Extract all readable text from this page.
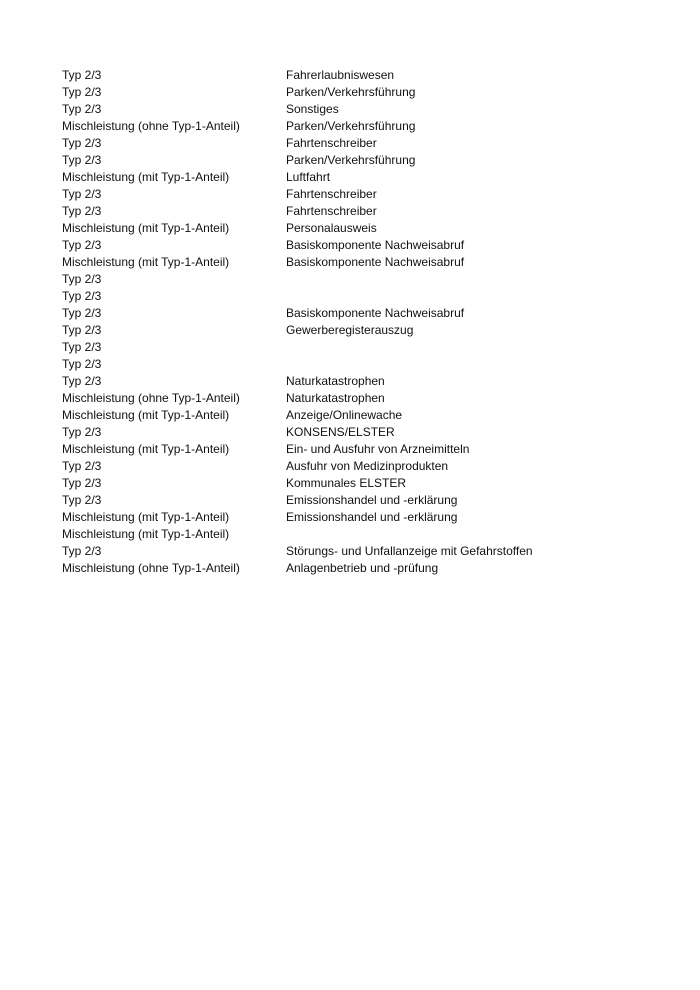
Typ 2/3	Fahrerlaubniswesen
Typ 2/3	Parken/Verkehrsführung
Typ 2/3	Sonstiges
Mischleistung (ohne Typ-1-Anteil)	Parken/Verkehrsführung
Typ 2/3	Fahrtenschreiber
Typ 2/3	Parken/Verkehrsführung
Mischleistung (mit Typ-1-Anteil)	Luftfahrt
Typ 2/3	Fahrtenschreiber
Typ 2/3	Fahrtenschreiber
Mischleistung (mit Typ-1-Anteil)	Personalausweis
Typ 2/3	Basiskomponente Nachweisabruf
Mischleistung (mit Typ-1-Anteil)	Basiskomponente Nachweisabruf
Typ 2/3
Typ 2/3
Typ 2/3	Basiskomponente Nachweisabruf
Typ 2/3	Gewerberegisterauszug
Typ 2/3
Typ 2/3
Typ 2/3	Naturkatastrophen
Mischleistung (ohne Typ-1-Anteil)	Naturkatastrophen
Mischleistung (mit Typ-1-Anteil)	Anzeige/Onlinewache
Typ 2/3	KONSENS/ELSTER
Mischleistung (mit Typ-1-Anteil)	Ein- und Ausfuhr von Arzneimitteln
Typ 2/3	Ausfuhr von Medizinprodukten
Typ 2/3	Kommunales ELSTER
Typ 2/3	Emissionshandel und -erklärung
Mischleistung (mit Typ-1-Anteil)	Emissionshandel und -erklärung
Mischleistung (mit Typ-1-Anteil)
Typ 2/3	Störungs- und Unfallanzeige mit Gefahrstoffen
Mischleistung (ohne Typ-1-Anteil)	Anlagenbetrieb und -prüfung
